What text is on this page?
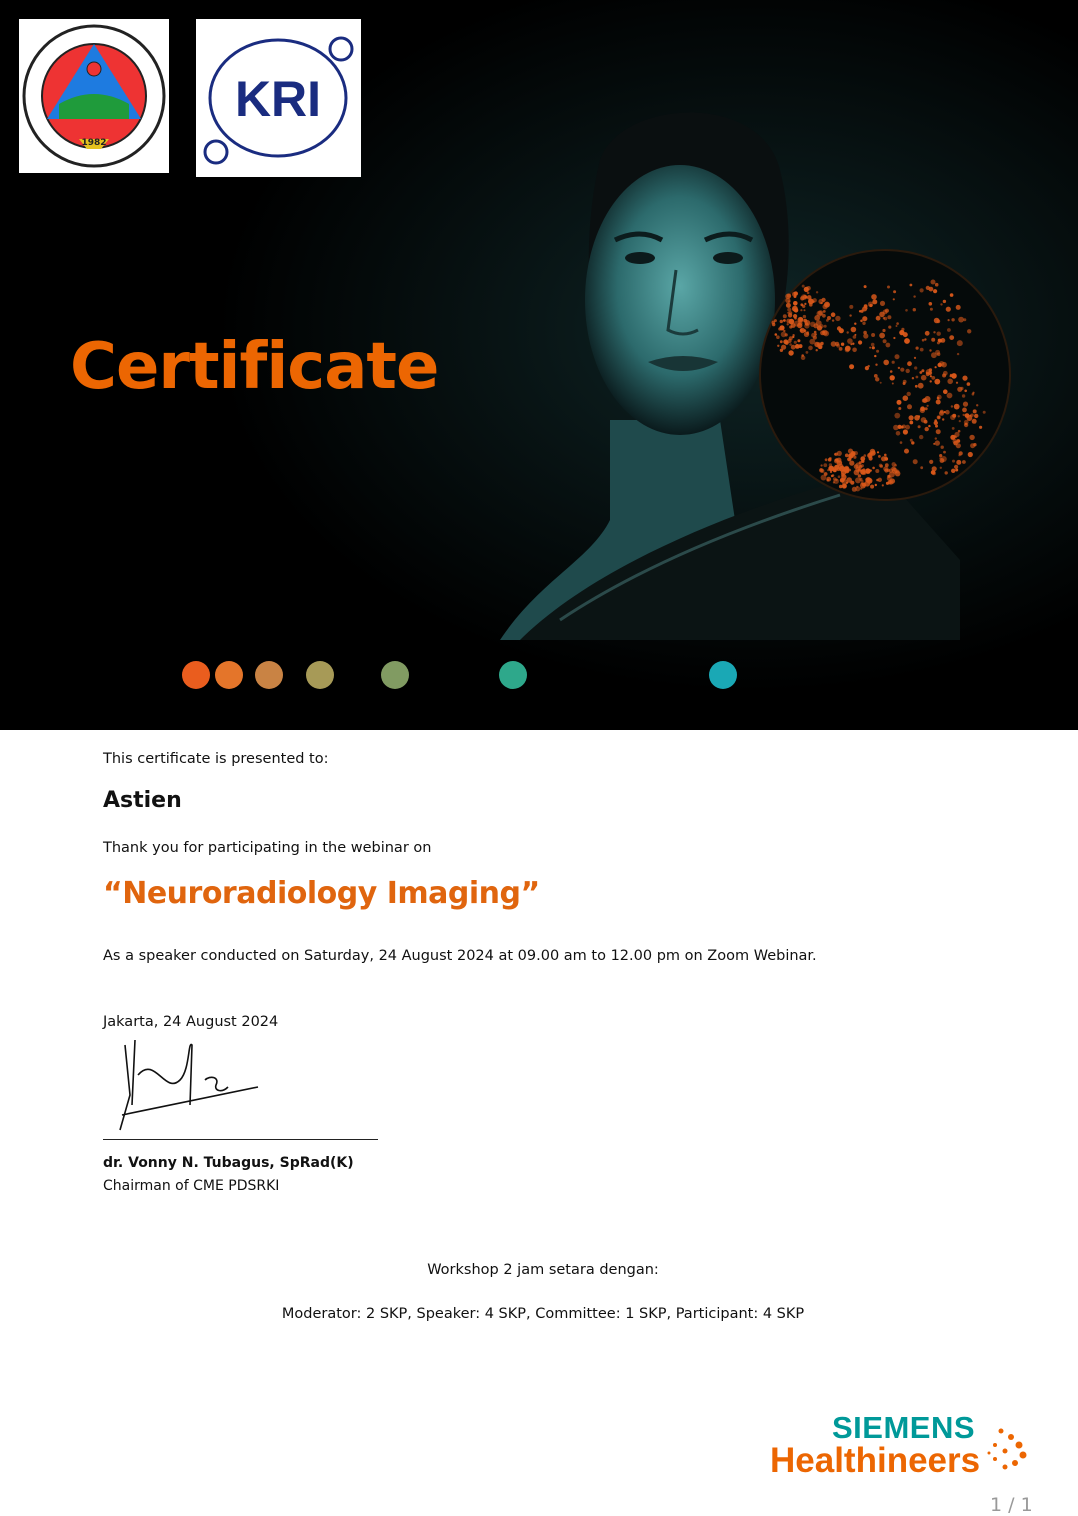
1982
KRI
Certificate
This certificate is presented to:
Astien
Thank you for participating in the webinar on
“Neuroradiology Imaging”
As a speaker conducted on Saturday, 24 August 2024 at 09.00 am to 12.00 pm on Zoom Webinar.
Jakarta, 24 August 2024
dr. Vonny N. Tubagus, SpRad(K)
Chairman of CME PDSRKI
Workshop 2 jam setara dengan:
Moderator: 2 SKP, Speaker: 4 SKP, Committee: 1 SKP, Participant: 4 SKP
SIEMENS
Healthineers
1 / 1
